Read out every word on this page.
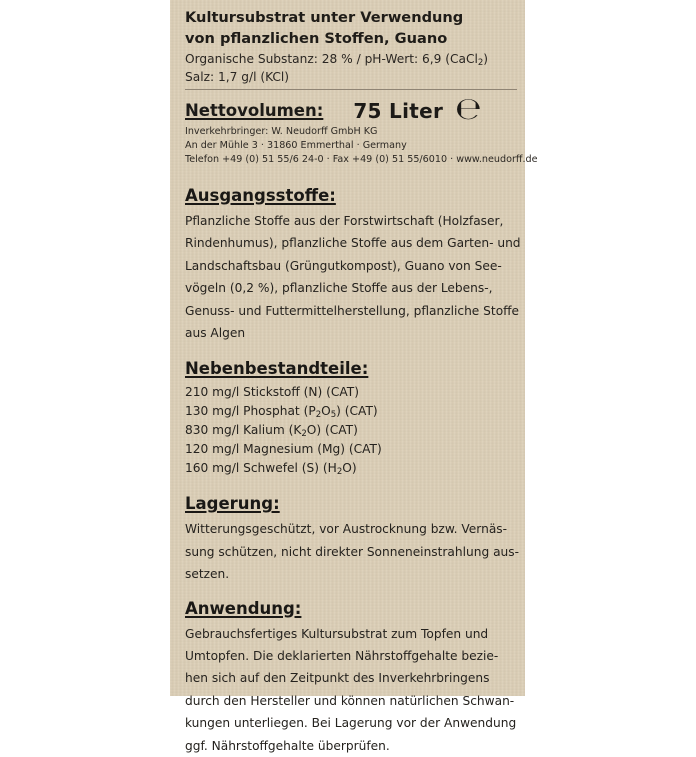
Kultursubstrat unter Verwendung
von pflanzlichen Stoffen, Guano
Organische Substanz: 28 % / pH-Wert: 6,9 (CaCl$_2$)
Salz: 1,7 g/l (KCl)
Nettovolumen: 75 Liter ℮
Inverkehrbringer: W. Neudorff GmbH KG
An der Mühle 3 · 31860 Emmerthal · Germany
Telefon +49 (0) 51 55/6 24-0 · Fax +49 (0) 51 55/6010 · www.neudorff.de
Ausgangsstoffe:
Pflanzliche Stoffe aus der Forstwirtschaft (Holzfaser,
Rindenhumus), pflanzliche Stoffe aus dem Garten- und
Landschaftsbau (Grüngutkompost), Guano von See-
vögeln (0,2 %), pflanzliche Stoffe aus der Lebens-,
Genuss- und Futtermittelherstellung, pflanzliche Stoffe
aus Algen
Nebenbestandteile:
210 mg/l Stickstoff (N) (CAT)
130 mg/l Phosphat $(P_2O_5)$ (CAT)
830 mg/l Kalium $(K_2O)$ (CAT)
120 mg/l Magnesium (Mg) (CAT)
160 mg/l Schwefel (S) $(H_2O)$
Lagerung:
Witterungsgeschützt, vor Austrocknung bzw. Vernäs-
sung schützen, nicht direkter Sonneneinstrahlung aus-
setzen.
Anwendung:
Gebrauchsfertiges Kultursubstrat zum Topfen und
Umtopfen. Die deklarierten Nährstoffgehalte bezie-
hen sich auf den Zeitpunkt des Inverkehrbringens
durch den Hersteller und können natürlichen Schwan-
kungen unterliegen. Bei Lagerung vor der Anwendung
ggf. Nährstoffgehalte überprüfen.
